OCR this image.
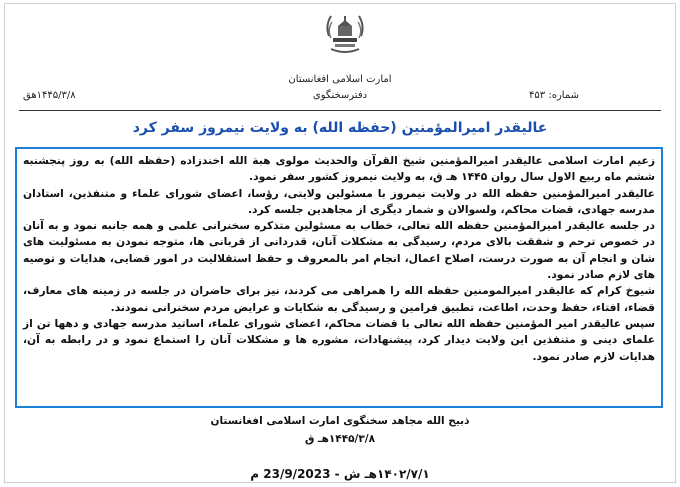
امارت اسلامی افغانستان
دفترسخنگوی	شماره: ۴۵۳
۱۴۴۵/۳/۸هق
عالیقدر امیرالمؤمنین (حفظه الله) به ولایت نیمروز سفر کرد

زعیم امارت اسلامی عالیقدر امیرالمؤمنین شیخ القرآن والحدیث مولوی هبة الله اخندزاده (حفظه الله) به روز پنجشنبه ششم ماه ربیع الاول سال روان ۱۴۴۵ هـ ق، به ولایت نیمروز کشور سفر نمود.

عالیقدر امیرالمؤمنین حفظه الله در ولایت نیمروز با مسئولین ولایتی، رؤسا، اعضای شورای علماء و متنفذین، استادان مدرسه جهادی، قضات محاکم، ولسوالان و شمار دیگری از مجاهدین جلسه کرد.

در جلسه عالیقدر امیرالمؤمنین حفظه الله تعالی، خطاب به مسئولین متذکره سخنرانی علمی و همه جانبه نمود و به آنان در خصوص ترحم و شفقت بالای مردم، رسیدگی به مشکلات آنان، قدردانی از قربانی ها، متوجه نمودن به مسئولیت های شان و انجام آن به صورت درست، اصلاح اعمال، انجام امر بالمعروف و حفظ استقلالیت در امور قضایی، هدایات و توصیه های لازم صادر نمود.

شیوخ کرام که عالیقدر امیرالمومنین حفظه الله را همراهی می کردند، نیز برای حاضران در جلسه در زمینه های معارف، قضاء، افتاء، حفظ وحدت، اطاعت، تطبیق فرامین و رسیدگی به شکایات و عرایض مردم سخنرانی نمودند.

سپس عالیقدر امیر المؤمنین حفظه الله تعالی با قضات محاکم، اعضای شورای علماء، اساتید مدرسه جهادی و دهها تن از علمای دینی و متنفذین این ولایت دیدار کرد، پیشنهادات، مشوره ها و مشکلات آنان را استماع نمود و در رابطه به آن، هدایات لازم صادر نمود.

ذبیح الله مجاهد سخنگوی امارت اسلامی افغانستان
۱۴۴۵/۳/۸هـ ق
۱۴۰۲/۷/۱هـ ش - 23/9/2023 م
